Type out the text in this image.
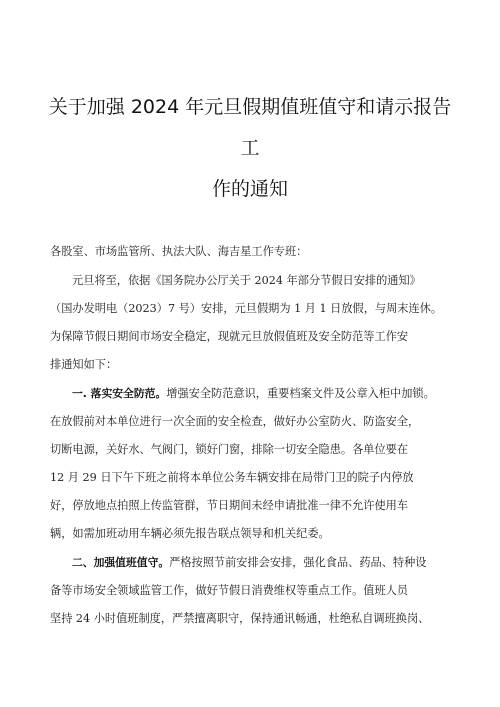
关于加强 2024 年元旦假期值班值守和请示报告
工
作的通知
各股室、市场监管所、执法大队、海吉星工作专班：
元旦将至，依据《国务院办公厅关于 2024 年部分节假日安排的通知》
（国办发明电（2023）7 号）安排，元旦假期为 1 月 1 日放假，与周末连休。
为保障节假日期间市场安全稳定，现就元旦放假值班及安全防范等工作安
排通知如下：
一. 落实安全防范。增强安全防范意识，重要档案文件及公章入柜中加锁。
在放假前对本单位进行一次全面的安全检查，做好办公室防火、防盗安全，
切断电源，关好水、气阀门，锁好门窗，排除一切安全隐患。各单位要在
12 月 29 日下午下班之前将本单位公务车辆安排在局带门卫的院子内停放
好，停放地点拍照上传监管群，节日期间未经申请批准一律不允许使用车
辆，如需加班动用车辆必须先报告联点领导和机关纪委。
二、加强值班值守。严格按照节前安排会安排，强化食品、药品、特种设
备等市场安全领域监管工作，做好节假日消费维权等重点工作。值班人员
坚持 24 小时值班制度，严禁擅离职守，保持通讯畅通，杜绝私自调班换岗、
